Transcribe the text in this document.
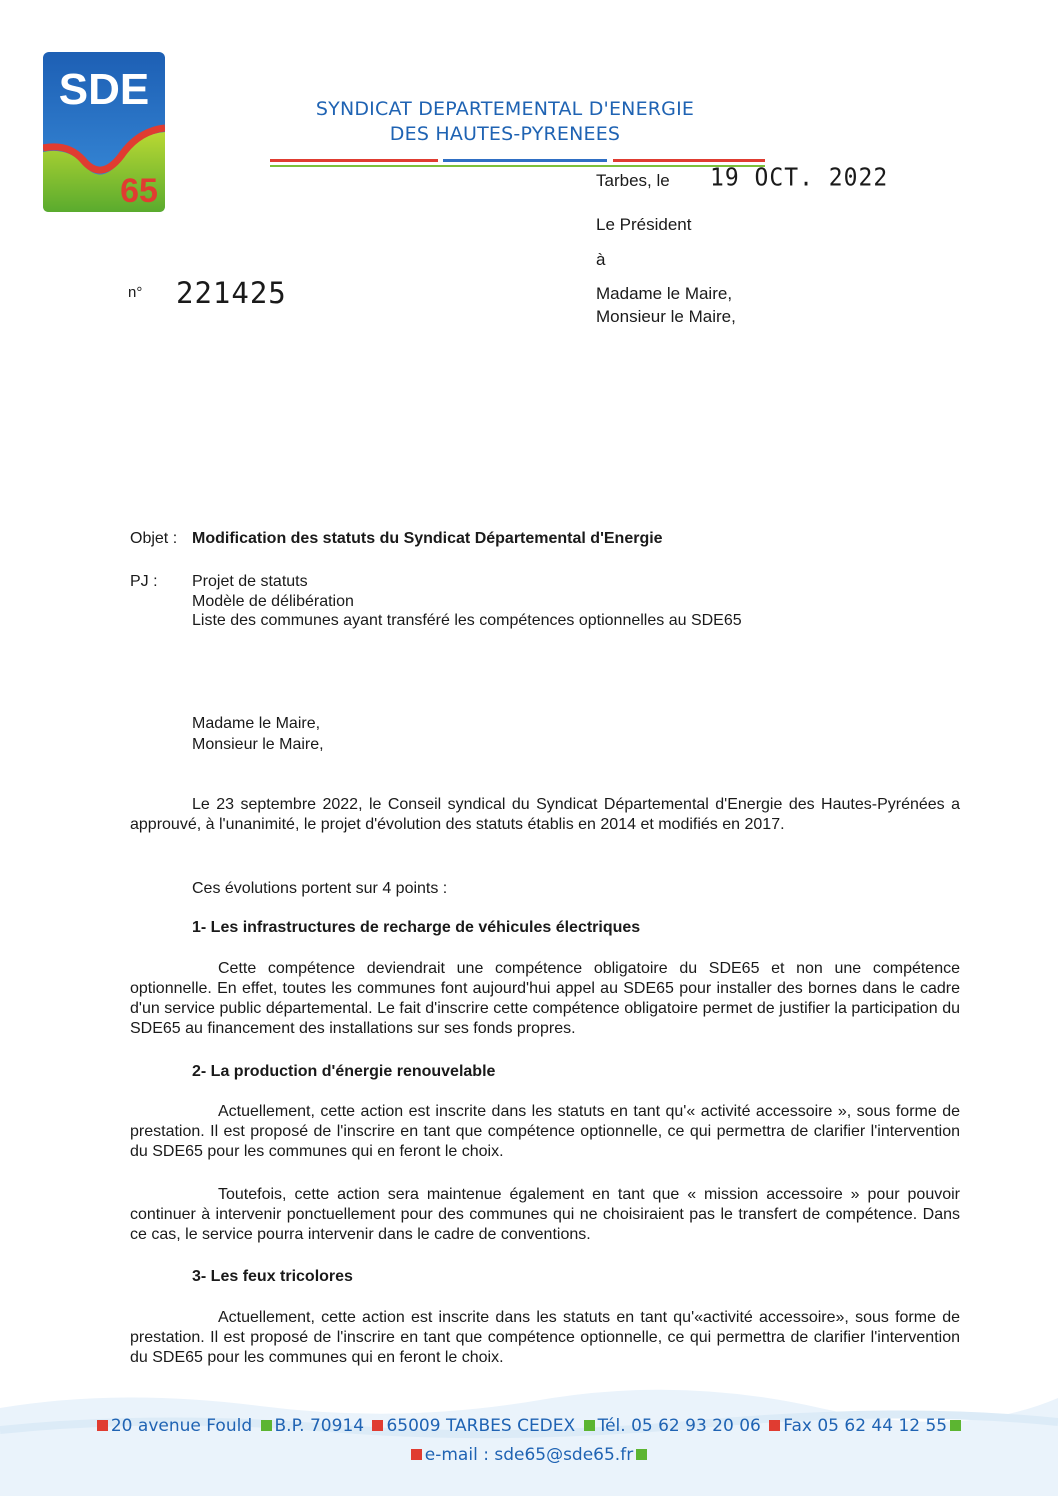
SDE
65
SYNDICAT DEPARTEMENTAL D'ENERGIE
DES HAUTES-PYRENEES
Tarbes, le 19 OCT. 2022
Le Président
à
Madame le Maire,
Monsieur le Maire,
n° 221425
Objet : Modification des statuts du Syndicat Départemental d'Energie
PJ : Projet de statuts
Modèle de délibération
Liste des communes ayant transféré les compétences optionnelles au SDE65
Madame le Maire,
Monsieur le Maire,
Le 23 septembre 2022, le Conseil syndical du Syndicat Départemental d'Energie des Hautes-Pyrénées a approuvé, à l'unanimité, le projet d'évolution des statuts établis en 2014 et modifiés en 2017.
Ces évolutions portent sur 4 points :
1- Les infrastructures de recharge de véhicules électriques
Cette compétence deviendrait une compétence obligatoire du SDE65 et non une compétence optionnelle. En effet, toutes les communes font aujourd'hui appel au SDE65 pour installer des bornes dans le cadre d'un service public départemental. Le fait d'inscrire cette compétence obligatoire permet de justifier la participation du SDE65 au financement des installations sur ses fonds propres.
2- La production d'énergie renouvelable
Actuellement, cette action est inscrite dans les statuts en tant qu'« activité accessoire », sous forme de prestation. Il est proposé de l'inscrire en tant que compétence optionnelle, ce qui permettra de clarifier l'intervention du SDE65 pour les communes qui en feront le choix.
Toutefois, cette action sera maintenue également en tant que « mission accessoire » pour pouvoir continuer à intervenir ponctuellement pour des communes qui ne choisiraient pas le transfert de compétence. Dans ce cas, le service pourra intervenir dans le cadre de conventions.
3- Les feux tricolores
Actuellement, cette action est inscrite dans les statuts en tant qu'«activité accessoire», sous forme de prestation. Il est proposé de l'inscrire en tant que compétence optionnelle, ce qui permettra de clarifier l'intervention du SDE65 pour les communes qui en feront le choix.
20 avenue Fould B.P. 70914 65009 TARBES CEDEX Tél. 05 62 93 20 06 Fax 05 62 44 12 55
e-mail : sde65@sde65.fr
